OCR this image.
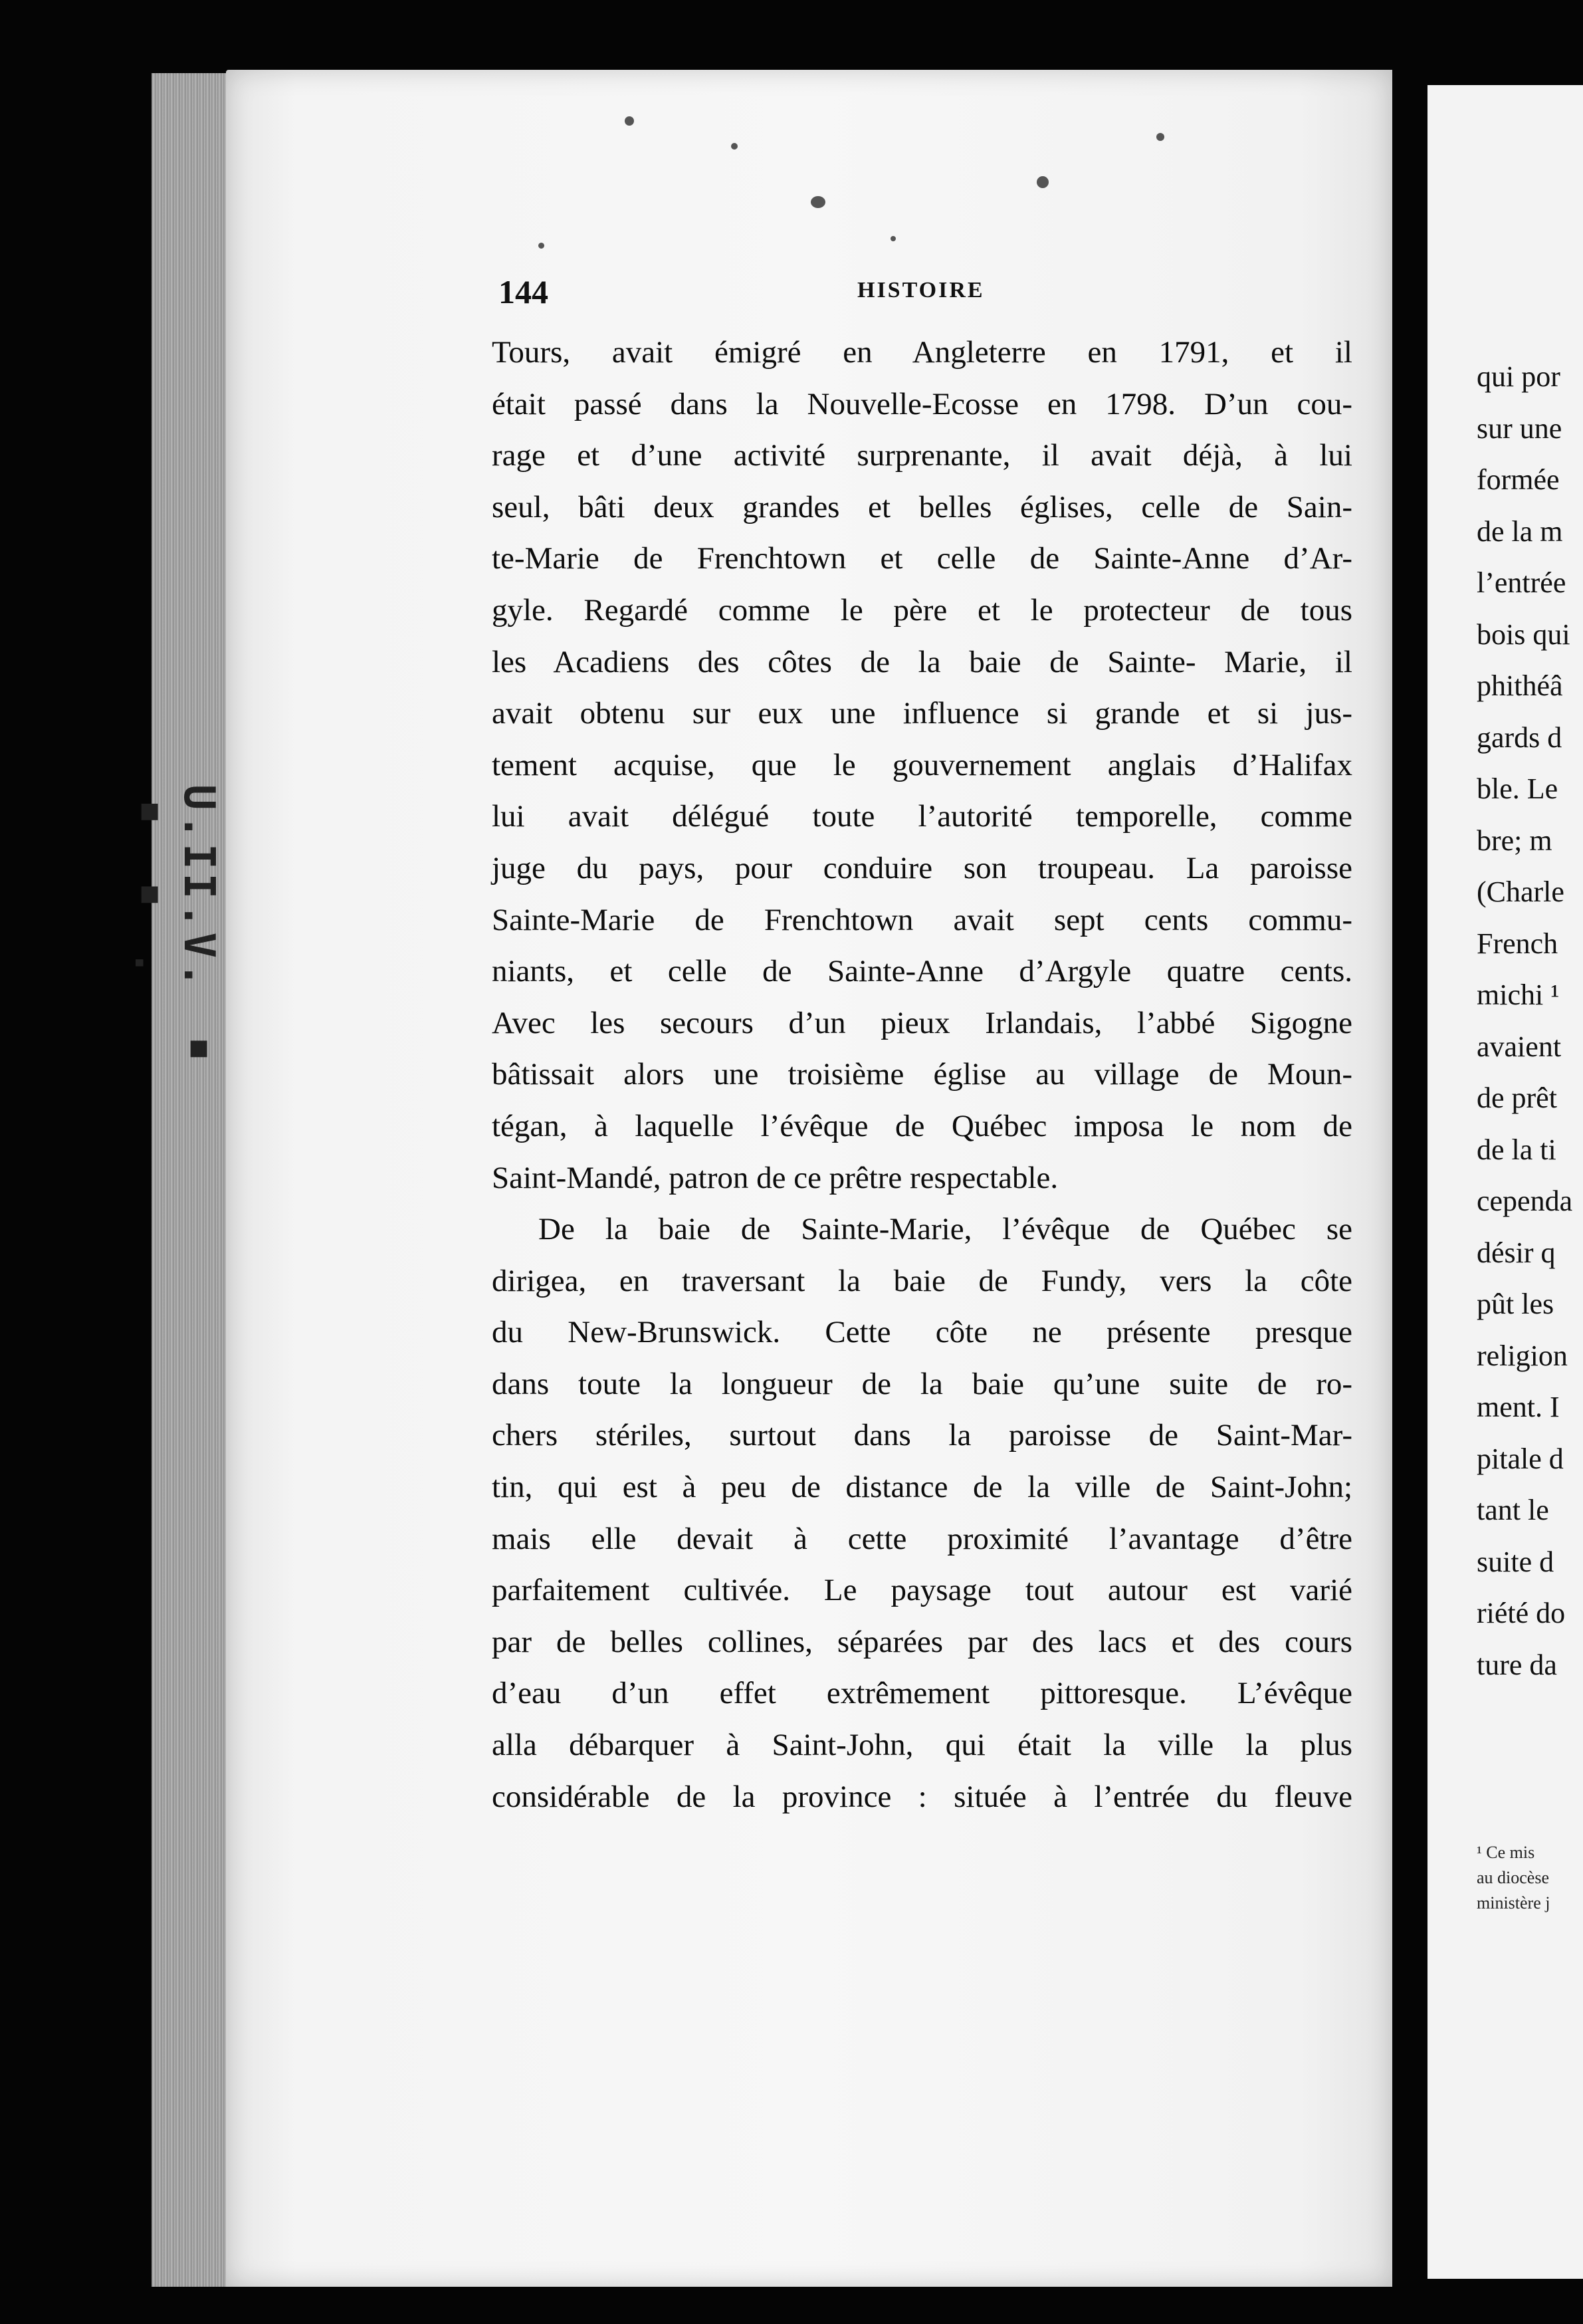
U.II.V. ▪ ▪ ▪ .
144	HISTOIRE
Tours, avait émigré en Angleterre en 1791, et il
était passé dans la Nouvelle-Ecosse en 1798. D’un cou-
rage et d’une activité surprenante, il avait déjà, à lui
seul, bâti deux grandes et belles églises, celle de Sain-
te-Marie de Frenchtown et celle de Sainte-Anne d’Ar-
gyle. Regardé comme le père et le protecteur de tous
les Acadiens des côtes de la baie de Sainte- Marie, il
avait obtenu sur eux une influence si grande et si jus-
tement acquise, que le gouvernement anglais d’Halifax
lui avait délégué toute l’autorité temporelle, comme
juge du pays, pour conduire son troupeau. La paroisse
Sainte-Marie de Frenchtown avait sept cents commu-
niants, et celle de Sainte-Anne d’Argyle quatre cents.
Avec les secours d’un pieux Irlandais, l’abbé Sigogne
bâtissait alors une troisième église au village de Moun-
tégan, à laquelle l’évêque de Québec imposa le nom de
Saint-Mandé, patron de ce prêtre respectable.
De la baie de Sainte-Marie, l’évêque de Québec se
dirigea, en traversant la baie de Fundy, vers la côte
du New-Brunswick. Cette côte ne présente presque
dans toute la longueur de la baie qu’une suite de ro-
chers stériles, surtout dans la paroisse de Saint-Mar-
tin, qui est à peu de distance de la ville de Saint-John;
mais elle devait à cette proximité l’avantage d’être
parfaitement cultivée. Le paysage tout autour est varié
par de belles collines, séparées par des lacs et des cours
d’eau d’un effet extrêmement pittoresque. L’évêque
alla débarquer à Saint-John, qui était la ville la plus
considérable de la province : située à l’entrée du fleuve
qui por
sur une
formée
de la m
l’entrée
bois qui
phithéâ
gards d
ble. Le
bre; m
(Charle
French
michi ¹
avaient
de prêt
de la ti
cependa
désir q
pût les
religion
ment. I
pitale d
tant le
suite d
riété do
ture da
¹ Ce mis
au diocèse
ministère j
